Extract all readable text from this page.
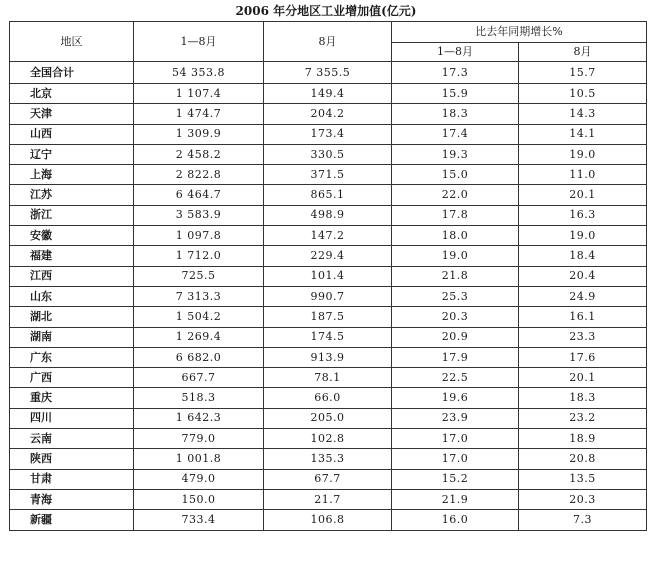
2006 年分地区工业增加值(亿元)
地区	1—8月	8月	比去年同期增长%	
			1—8月	8月
全国合计	54 353.8	7 355.5	17.3	15.7
北京	1 107.4	149.4	15.9	10.5
天津	1 474.7	204.2	18.3	14.3
山西	1 309.9	173.4	17.4	14.1
辽宁	2 458.2	330.5	19.3	19.0
上海	2 822.8	371.5	15.0	11.0
江苏	6 464.7	865.1	22.0	20.1
浙江	3 583.9	498.9	17.8	16.3
安徽	1 097.8	147.2	18.0	19.0
福建	1 712.0	229.4	19.0	18.4
江西	725.5	101.4	21.8	20.4
山东	7 313.3	990.7	25.3	24.9
湖北	1 504.2	187.5	20.3	16.1
湖南	1 269.4	174.5	20.9	23.3
广东	6 682.0	913.9	17.9	17.6
广西	667.7	78.1	22.5	20.1
重庆	518.3	66.0	19.6	18.3
四川	1 642.3	205.0	23.9	23.2
云南	779.0	102.8	17.0	18.9
陕西	1 001.8	135.3	17.0	20.8
甘肃	479.0	67.7	15.2	13.5
青海	150.0	21.7	21.9	20.3
新疆	733.4	106.8	16.0	7.3
